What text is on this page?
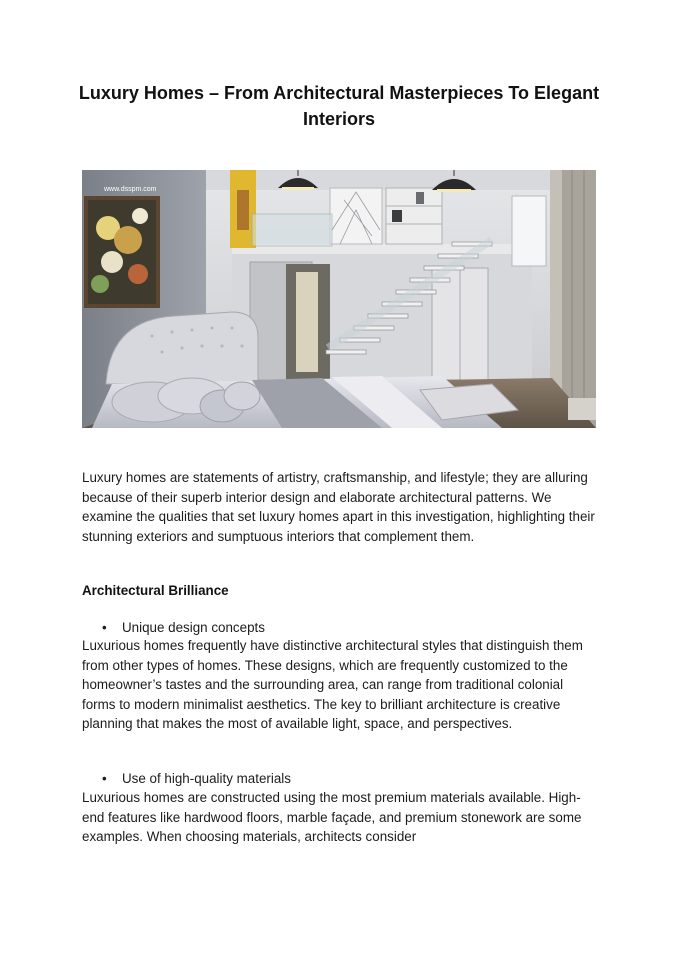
Luxury Homes – From Architectural Masterpieces To Elegant Interiors
www.dsspm.com
Luxury homes are statements of artistry, craftsmanship, and lifestyle; they are alluring because of their superb interior design and elaborate architectural patterns. We examine the qualities that set luxury homes apart in this investigation, highlighting their stunning exteriors and sumptuous interiors that complement them.
Architectural Brilliance
• Unique design concepts
Luxurious homes frequently have distinctive architectural styles that distinguish them from other types of homes. These designs, which are frequently customized to the homeowner’s tastes and the surrounding area, can range from traditional colonial forms to modern minimalist aesthetics. The key to brilliant architecture is creative planning that makes the most of available light, space, and perspectives.
• Use of high-quality materials
Luxurious homes are constructed using the most premium materials available. High-end features like hardwood floors, marble façade, and premium stonework are some examples. When choosing materials, architects consider
